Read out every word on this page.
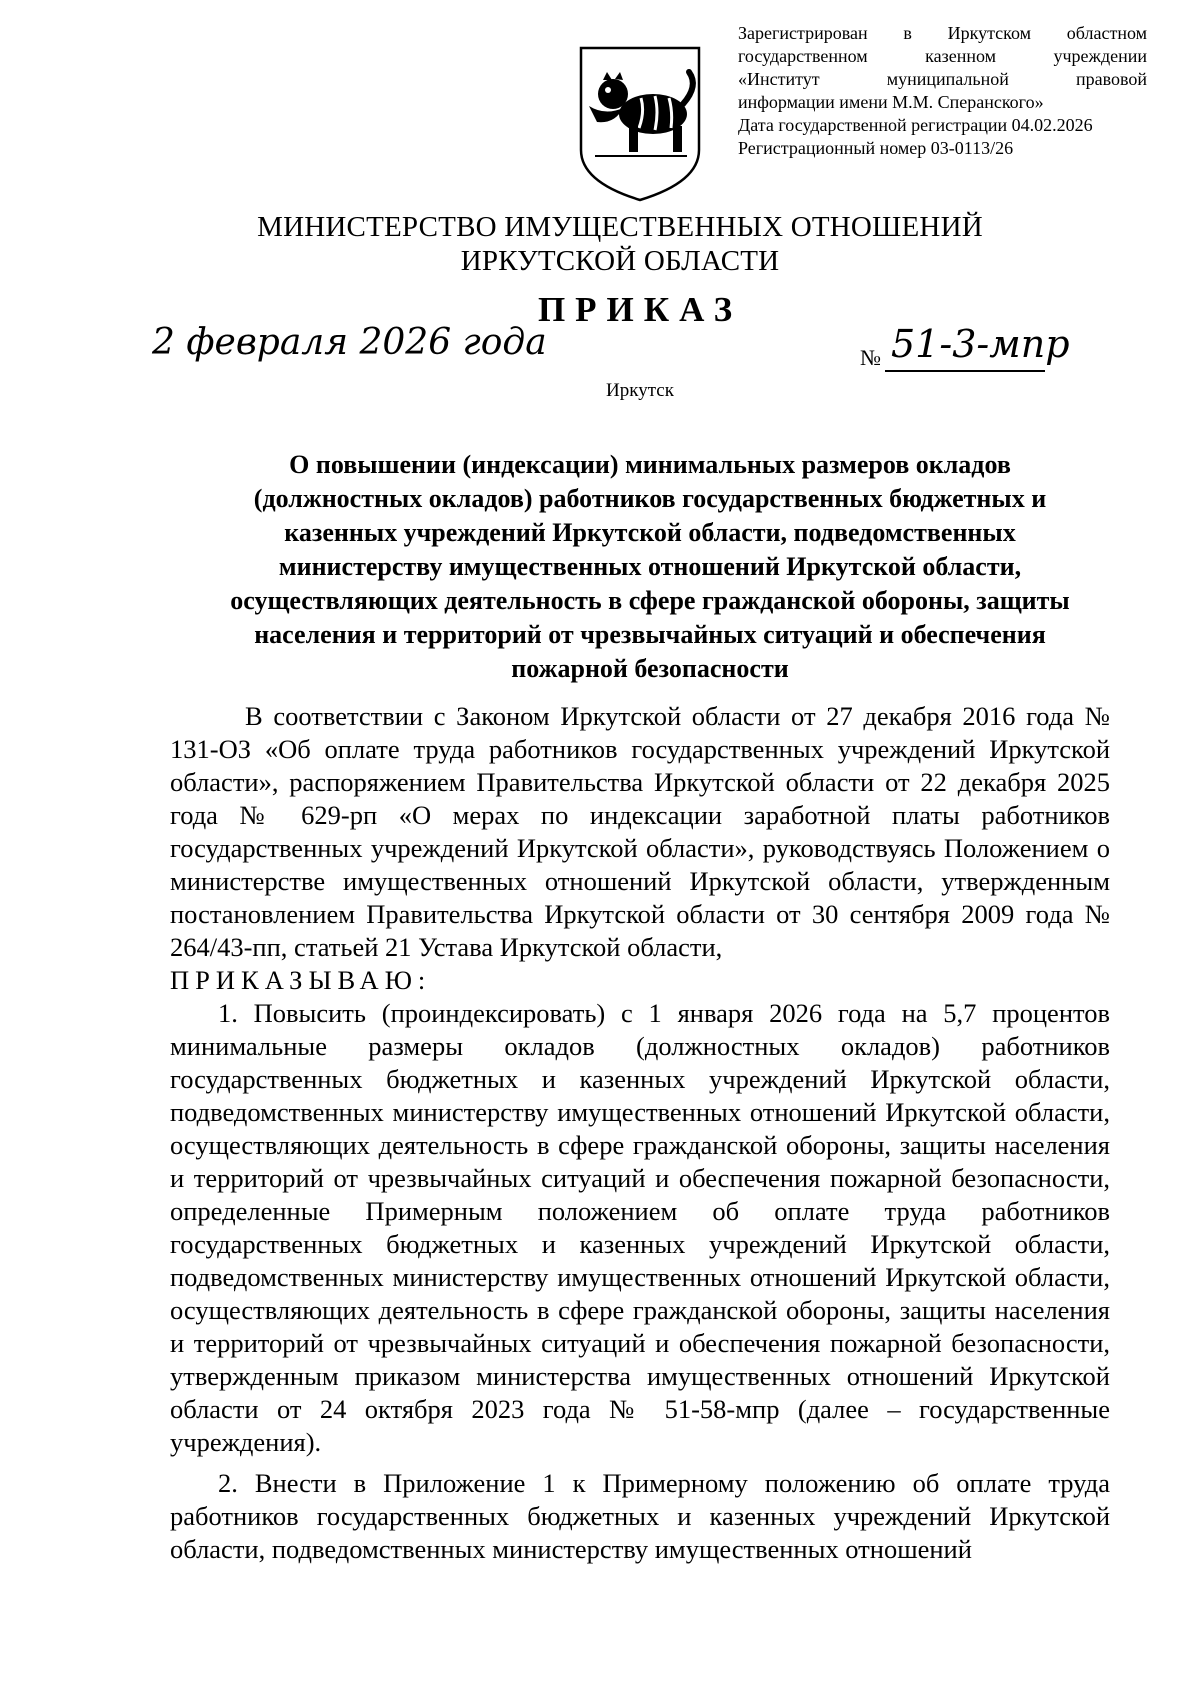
Зарегистрирован в Иркутском областном
государственном казенном учреждении
«Институт муниципальной правовой
информации имени М.М. Сперанского»
Дата государственной регистрации 04.02.2026
Регистрационный номер 03-0113/26
МИНИСТЕРСТВО ИМУЩЕСТВЕННЫХ ОТНОШЕНИЙ
ИРКУТСКОЙ ОБЛАСТИ
ПРИКАЗ
2 февраля 2026 года	№ 51-3-мпр
Иркутск
О повышении (индексации) минимальных размеров окладов
(должностных окладов) работников государственных бюджетных и
казенных учреждений Иркутской области, подведомственных
министерству имущественных отношений Иркутской области,
осуществляющих деятельность в сфере гражданской обороны, защиты
населения и территорий от чрезвычайных ситуаций и обеспечения
пожарной безопасности

В соответствии с Законом Иркутской области от 27 декабря 2016 года № 131-ОЗ «Об оплате труда работников государственных учреждений Иркутской области», распоряжением Правительства Иркутской области от 22 декабря 2025 года № 629-рп «О мерах по индексации заработной платы работников государственных учреждений Иркутской области», руководствуясь Положением о министерстве имущественных отношений Иркутской области, утвержденным постановлением Правительства Иркутской области от 30 сентября 2009 года № 264/43-пп, статьей 21 Устава Иркутской области,

ПРИКАЗЫВАЮ:

1. Повысить (проиндексировать) с 1 января 2026 года на 5,7 процентов минимальные размеры окладов (должностных окладов) работников государственных бюджетных и казенных учреждений Иркутской области, подведомственных министерству имущественных отношений Иркутской области, осуществляющих деятельность в сфере гражданской обороны, защиты населения и территорий от чрезвычайных ситуаций и обеспечения пожарной безопасности, определенные Примерным положением об оплате труда работников государственных бюджетных и казенных учреждений Иркутской области, подведомственных министерству имущественных отношений Иркутской области, осуществляющих деятельность в сфере гражданской обороны, защиты населения и территорий от чрезвычайных ситуаций и обеспечения пожарной безопасности, утвержденным приказом министерства имущественных отношений Иркутской области от 24 октября 2023 года № 51-58-мпр (далее – государственные учреждения).

2. Внести в Приложение 1 к Примерному положению об оплате труда работников государственных бюджетных и казенных учреждений Иркутской области, подведомственных министерству имущественных отношений
